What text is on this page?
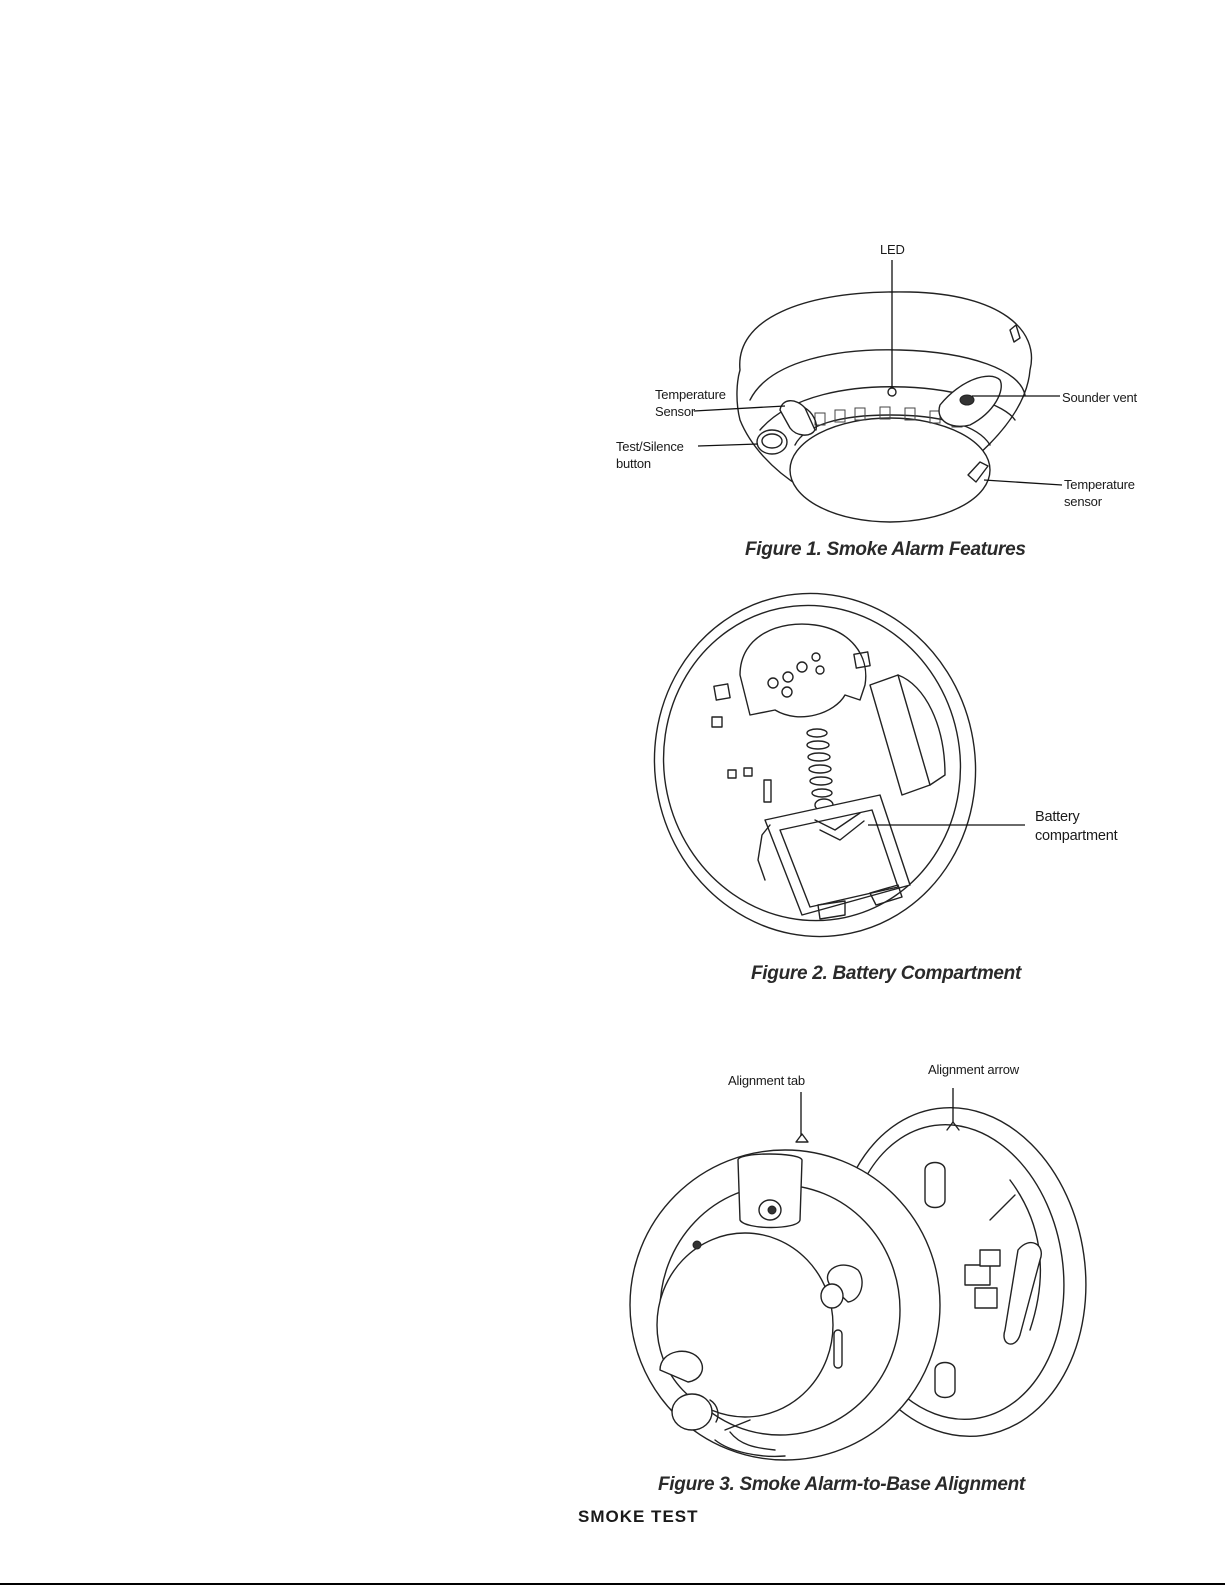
LED
Temperature
Sensor
Test/Silence
button
Sounder vent
Temperature
sensor
Figure 1. Smoke Alarm Features
Battery
compartment
Figure 2. Battery Compartment
Alignment tab
Alignment arrow
Figure 3. Smoke Alarm-to-Base Alignment
SMOKE TEST
